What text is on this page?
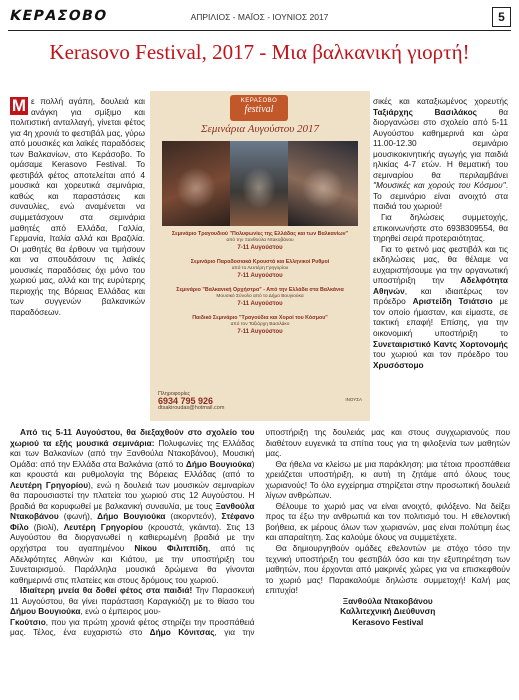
ΚΕΡΑΣΟΒΟ	ΑΠΡΙΛΙΟΣ - ΜΑΪΟΣ - ΙΟΥΝΙΟΣ 2017	5
Kerasovo Festival, 2017 - Μια βαλκανική γιορτή!

Μ ε πολλή αγάπη, δουλειά και ανάγκη για σμίξιμο και πολιτιστική ανταλλαγή, γίνεται φέτος για 4η χρονιά το φεστιβάλ μας, γύρω από μουσικές και λαϊκές παραδόσεις των Βαλκανίων, στο Κεράσοβο. Το ομάσαμε Kerasovo Festival. Το φεστιβάλ φέτος αποτελείται από 4 μουσικά και χορευτικά σεμινάρια, καθώς και παραστάσεις και συναυλίες, ενώ αναμένεται να συμμετάσχουν στα σεμινάρια μαθητές από Ελλάδα, Γαλλία, Γερμανία, Ιταλία αλλά και Βραζιλία. Οι μαθητές θα έρθουν να τιμήσουν και να σπουδάσουν τις λαϊκές μουσικές παραδόσεις όχι μόνο του χωριού μας, αλλά και της ευρύτερης περιοχής της Βόρειας Ελλάδας και των συγγενών βαλκανικών παραδόσεων.

ΚΕΡΑΣΟΒΟ
festival
Σεμινάρια Αυγούστου 2017
Σεμινάριο Τραγουδιού "Πολυφωνίες της Ελλάδας και των Βαλκανίων"
από την Ξανθούλα Ντακοβάνου
7-11 Αυγούστου
Σεμινάριο Παραδοσιακά Κρουστά και Ελληνικοί Ρυθμοί
από το Λευτέρη Γρηγορίου
7-11 Αυγούστου
Σεμινάριο "Βαλκανική Ορχήστρα" - Από την Ελλάδα στα Βαλκάνια
Μουσικό Σύνολο από το Δήμο Βουγιούκα
7-11 Αυγούστου
Παιδικό Σεμινάριο "Τραγούδια και Χοροί του Κόσμου"
από τον Ταξιάρχη Βασιλάκο
7-11 Αυγούστου
Πληροφορίες
6934 795 926
dtsakiroudas@hotmail.com
ΙΝΟΥΣΑ

σικές και καταξιωμένος χορευτής Ταξιάρχης Βασιλάκος θα διοργανώσει στο σχολείο από 5-11 Αυγούστου καθημερινά και ώρα 11.00-12.30 σεμινάριο μουσικοκινητικής αγωγής για παιδιά ηλικίας 4-7 ετών. Η θεματική του σεμιναρίου θα περιλαμβάνει "Μουσικές και χορούς του Κόσμου". Το σεμινάριο είναι ανοιχτό στα παιδιά του χωριού!

Για δηλώσεις συμμετοχής, επικοινωνήστε στο 6938309554, θα τηρηθεί σειρά προτεραιότητας.

Για το φετινό μας φεστιβάλ και τις εκδηλώσεις μας, θα θέλαμε να ευχαριστήσουμε για την οργανωτική υποστήριξη την Αδελφότητα Αθηνών, και ιδιαιτέρως τον πρόεδρο Αριστείδη Τσιάτσιο με τον οποίο ήμασταν, και είμαστε, σε τακτική επαφή! Επίσης, για την οικονομική υποστήριξη το Συνεταιριστικό Καντς Χορτονομής του χωριού και τον πρόεδρο του Χρυσόστομο

Από τις 5-11 Αυγούστου, θα διεξαχθούν στο σχολείο του χωριού τα εξής μουσικά σεμινάρια: Πολυφωνίες της Ελλάδας και των Βαλκανίων (από την Ξανθούλα Ντακοβάνου), Μουσική Ομάδα: από την Ελλάδα στα Βαλκάνια (από το Δήμο Βουγιούκα) και κρουστά και ρυθμολογία της Βόρειας Ελλάδας (από το Λευτέρη Γρηγορίου), ενώ η δουλειά των μουσικών σεμιναρίων θα παρουσιαστεί την πλατεία του χωριού στις 12 Αυγούστου. Η βραδιά θα κορυφωθεί με βαλκανική συναυλία, με τους Ξανθούλα Ντακοβάνου (φωνή), Δήμο Βουγιούκα (ακορντεόν), Στέφανο Φίλο (βιολί), Λευτέρη Γρηγορίου (κρουστά, γκάιντα). Στις 13 Αυγούστου θα διοργανωθεί η καθιερωμένη βραδιά με την ορχήστρα του αγαπημένου Νίκου Φιλιππίδη, από τις Αδελφότητες Αθηνών και Κιάτου, με την υποστήριξη του Συνεταιρισμού. Παράλληλα μουσικά δρώμενα θα γίνονται καθημερινά στις πλατείες και στους δρόμους του χωριού.

Ιδιαίτερη μνεία θα δοθεί φέτος στα παιδιά! Την Παρασκευή 11 Αυγούστου, θα γίνει παράσταση Καραγκιόζη με το θίασο του Δήμου Βουγιούκα, ενώ ο έμπειρος μου-

Γκούτσιο, που για πρώτη χρονιά φέτος στηρίζει την προσπάθειά μας. Τέλος, ένα ευχαριστώ στο Δήμο Κόνιτσας, για την υποστήριξη της δουλειάς μας και στους συγχωριανούς που διαθέτουν ευγενικά τα σπίτια τους για τη φιλοξενία των μαθητών μας.

Θα ήθελα να κλείσω με μια παράκληση: μια τέτοια προσπάθεια χρειάζεται υποστήριξη, κι αυτή τη ζητάμε από όλους τους χωριανούς! Το όλο εγχείρημα στηρίζεται στην προσωπική δουλειά λίγων ανθρώπων.

Θέλουμε το χωριό μας να είναι ανοιχτό, φιλόξενο. Να δείξει προς τα έξω την ανθρωπιά και τον πολιτισμό του. Η εθελοντική βοήθεια, εκ μέρους όλων των χωριανών, μας είναι πολύτιμη έως και απαραίτητη. Σας καλούμε όλους να συμμετέχετε.

Θα δημιουργηθούν ομάδες εθελοντών με στόχο τόσο την τεχνική υποστήριξη του φεστιβάλ όσο και την εξυπηρέτηση των μαθητών, που έρχονται από μακρινές χώρες για να επισκεφθούν το χωριό μας! Παρακαλούμε δηλώστε συμμετοχή! Καλή μας επιτυχία!

Ξανθούλα Ντακοβάνου

Καλλιτεχνική Διεύθυνση

Kerasovo Festival
